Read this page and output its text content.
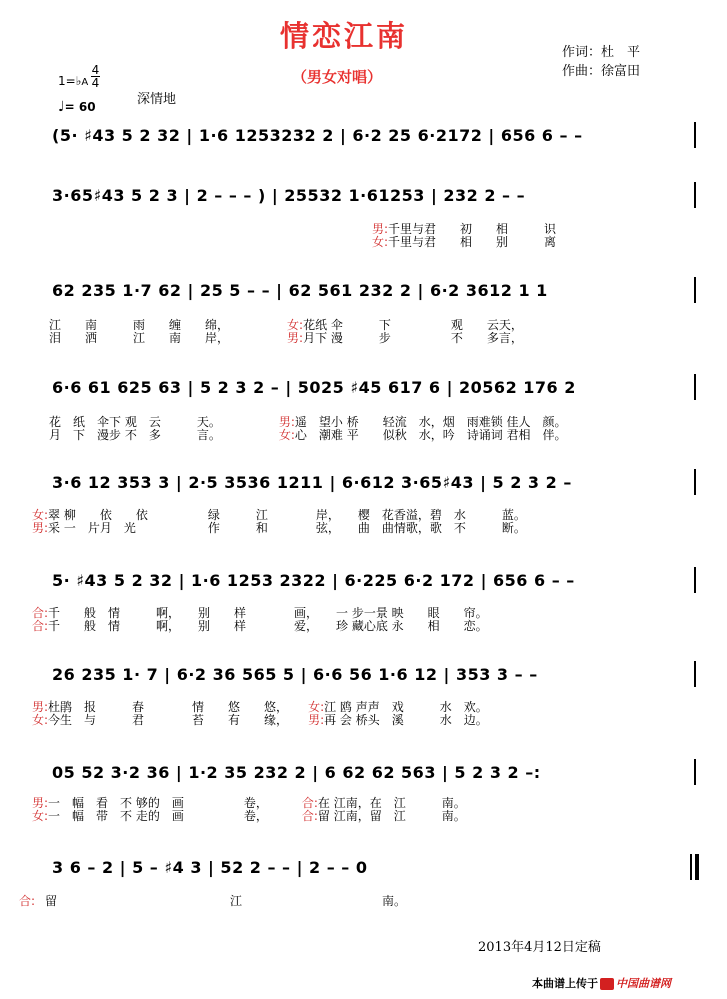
情恋江南
（男女对唱）
作词：杜　平
作曲：徐富田
1=♭A
4
4
♩= 60	深情地
(5· ♯43 5 2 32 | 1·6 1253232 2 | 6·2 25 6·2172 | 656 6 – –
3·65♯43 5 2 3 | 2 – – – ) | 25532 1·61253 | 232 2 – –
62 235 1·7 62 | 25 5 – – | 62 561 232 2 | 6·2 3612 1 1
6·6 61 625 63 | 5 2 3 2 – | 5025 ♯45 617 6 | 20562 176 2
3·6 12 353 3 | 2·5 3536 1211 | 6·612 3·65♯43 | 5 2 3 2 –
5· ♯43 5 2 32 | 1·6 1253 2322 | 6·225 6·2 172 | 656 6 – –
26 235 1· 7 | 6·2 36 565 5 | 6·6 56 1·6 12 | 353 3 – –
05 52 3·2 36 | 1·2 35 232 2 | 6 62 62 563 | 5 2 3 2 –:
3 6 – 2 | 5 – ♯4 3 | 52 2 – – | 2 – – 0
男:千里与君　　初　　相　　　识
女:千里与君　　相　　别　　　离
江　　南　　　雨　　缠　　绵，	女:花纸 伞　　　下　　　　　观　　云天，
泪　　洒　　　江　　南　　岸，	男:月下 漫　　　步　　　　　不　　多言，
花　纸　伞下 观　云　　　天。	男:遥　望小 桥　　轻流　水，烟　雨难锁 佳人　颜。
月　下　漫步 不　多　　　言。	女:心　潮难 平　　似秋　水，吟　诗诵词 君相　伴。
女:翠 柳　　依　　依　　　　　绿　　　江　　　　岸，　　樱　花香溢，碧　水　　　蓝。
男:采 一　片月　光　　　　　　作　　　和　　　　弦，　　曲　曲情歌，歌　不　　　断。
合:千　　般　情　　　啊，　　别　　样　　　　画，　　一 步一景 映　　眼　　帘。
合:千　　般　情　　　啊，　　别　　样　　　　爱，　　珍 藏心底 永　　相　　恋。
男:杜鹃　报　　　春　　　　情　　悠　　悠， 女:江 鸥 声声　戏　　　水　欢。
女:今生　与　　　君　　　　苔　　有　　缘， 男:再 会 桥头　溪　　　水　边。
男:一　幅　看　不 够的　画　　　　　卷，	合:在 江南，在　江　　　南。
女:一　幅　带　不 走的　画　　　　　卷，	合:留 江南，留　江　　　南。
合: 留	江	南。
2013年4月12日定稿
本曲谱上传于 中国曲谱网
